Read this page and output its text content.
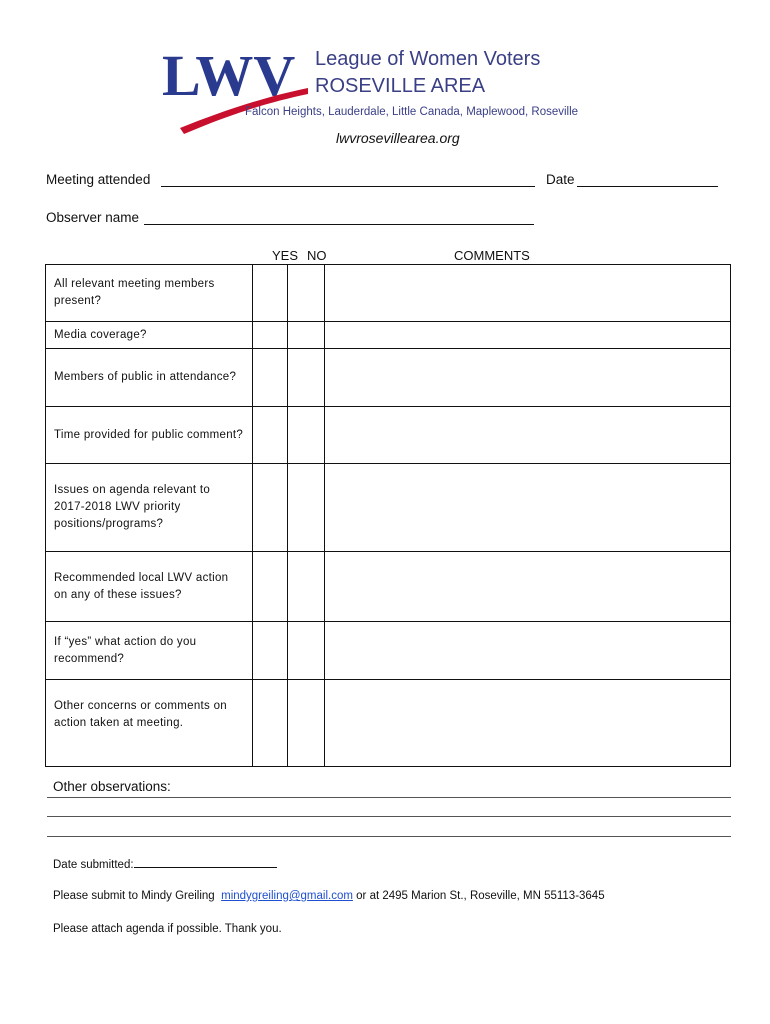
LWV League of Women Voters
ROSEVILLE AREA
Falcon Heights, Lauderdale, Little Canada, Maplewood, Roseville
lwvrosevillearea.org
Meeting attended	Date
Observer name
YES NO	COMMENTS
All relevant meeting members present?			
Media coverage?			
Members of public in attendance?			
Time provided for public comment?			
Issues on agenda relevant to 2017-2018 LWV priority positions/programs?			
Recommended local LWV action on any of these issues?			
If “yes” what action do you recommend?			
Other concerns or comments on action taken at meeting.			
Other observations:
Date submitted:
Please submit to Mindy Greiling mindygreiling@gmail.com or at 2495 Marion St., Roseville, MN 55113-3645
Please attach agenda if possible. Thank you.
